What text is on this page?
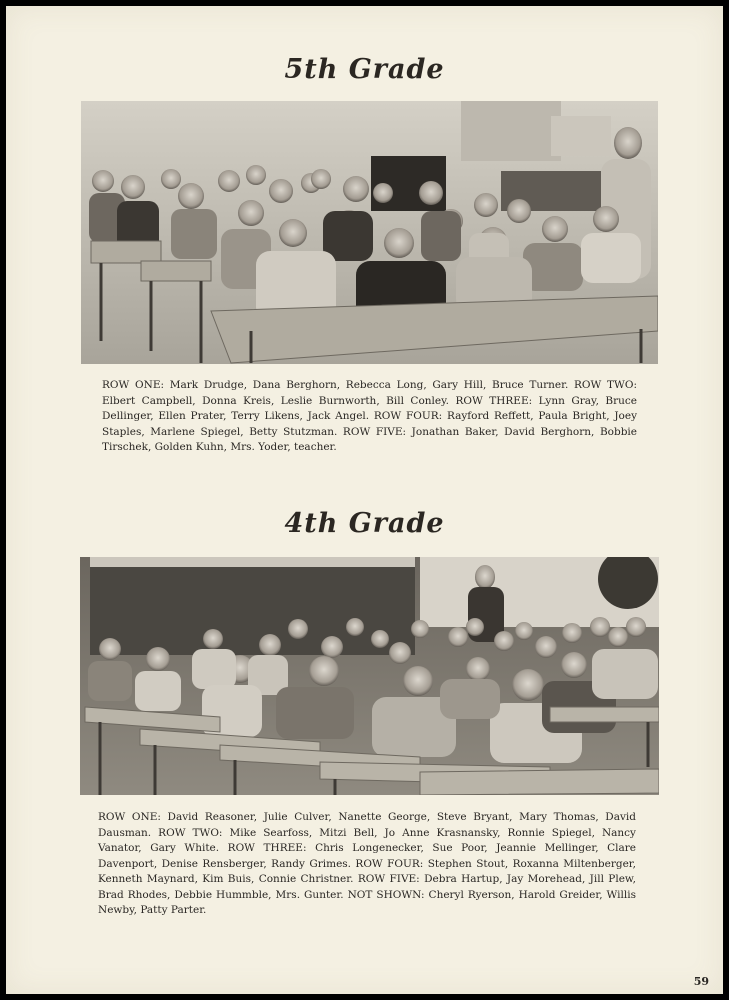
5th Grade

ROW ONE: Mark Drudge, Dana Berghorn, Rebecca Long, Gary Hill, Bruce Turner. ROW TWO: Elbert Campbell, Donna Kreis, Leslie Burnworth, Bill Conley. ROW THREE: Lynn Gray, Bruce Dellinger, Ellen Prater, Terry Likens, Jack Angel. ROW FOUR: Rayford Reffett, Paula Bright, Joey Staples, Marlene Spiegel, Betty Stutzman. ROW FIVE: Jonathan Baker, David Berghorn, Bobbie Tirschek, Golden Kuhn, Mrs. Yoder, teacher.

4th Grade

ROW ONE: David Reasoner, Julie Culver, Nanette George, Steve Bryant, Mary Thomas, David Dausman. ROW TWO: Mike Searfoss, Mitzi Bell, Jo Anne Krasnansky, Ronnie Spiegel, Nancy Vanator, Gary White. ROW THREE: Chris Longenecker, Sue Poor, Jeannie Mellinger, Clare Davenport, Denise Rensberger, Randy Grimes. ROW FOUR: Stephen Stout, Roxanna Miltenberger, Kenneth Maynard, Kim Buis, Connie Christner. ROW FIVE: Debra Hartup, Jay Morehead, Jill Plew, Brad Rhodes, Debbie Hummble, Mrs. Gunter. NOT SHOWN: Cheryl Ryerson, Harold Greider, Willis Newby, Patty Parter.

59
